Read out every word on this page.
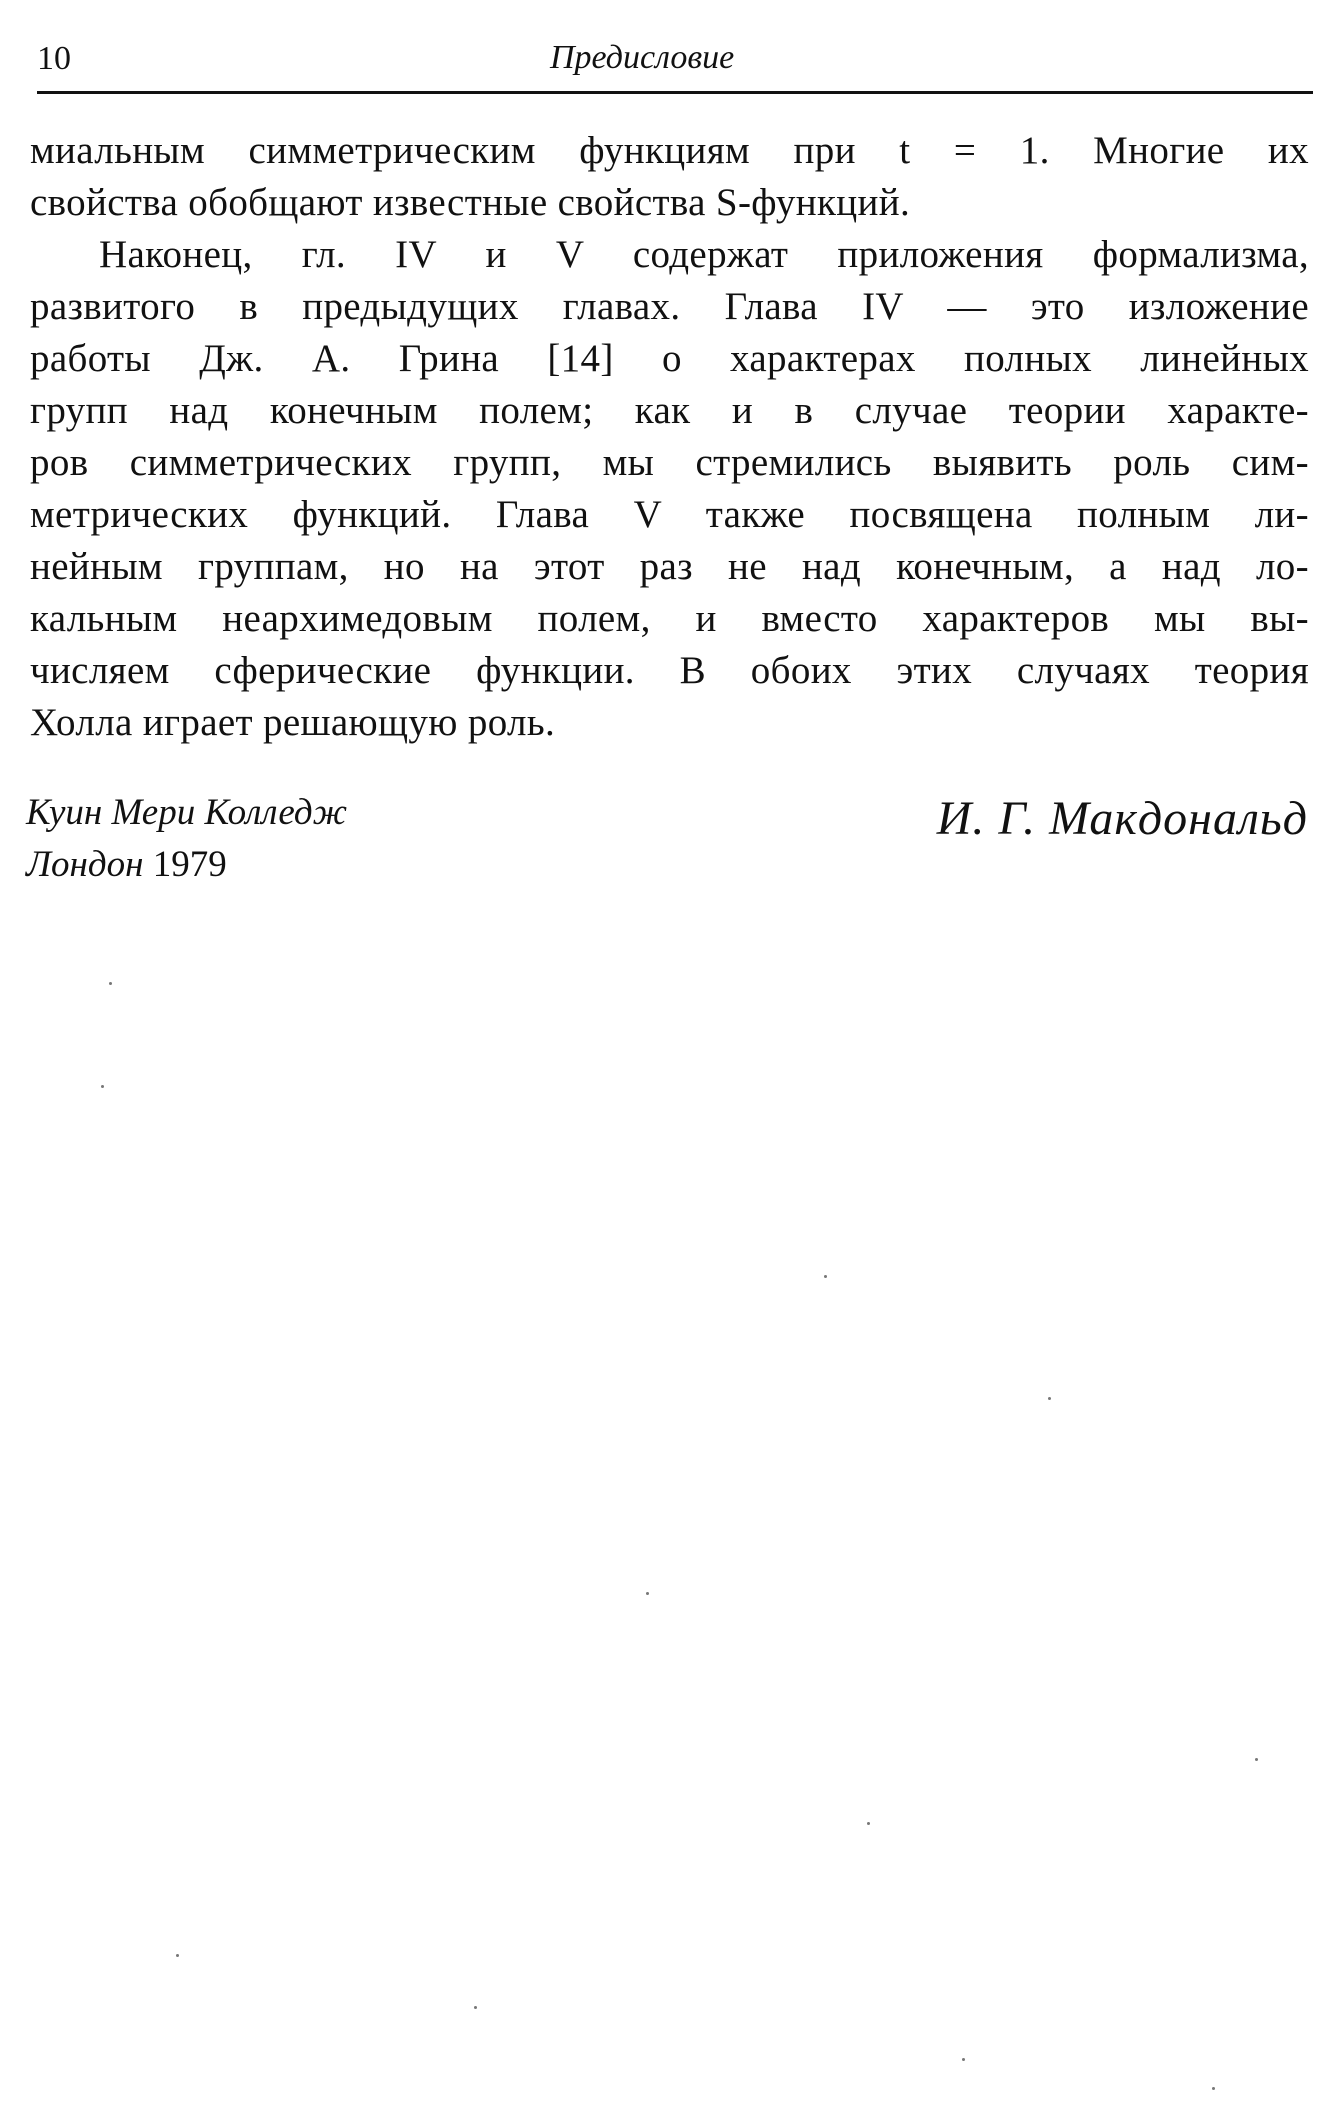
10	Предисловие
миальным симметрическим функциям при t = 1. Многие их
свойства обобщают известные свойства S-функций.
Наконец, гл. IV и V содержат приложения формализма,
развитого в предыдущих главах. Глава IV — это изложение
работы Дж. А. Грина [14] о характерах полных линейных
групп над конечным полем; как и в случае теории характе-
ров симметрических групп, мы стремились выявить роль сим-
метрических функций. Глава V также посвящена полным ли-
нейным группам, но на этот раз не над конечным, а над ло-
кальным неархимедовым полем, и вместо характеров мы вы-
числяем сферические функции. В обоих этих случаях теория
Холла играет решающую роль.
Куин Мери Колледж
Лондон 1979
И. Г. Макдональд
